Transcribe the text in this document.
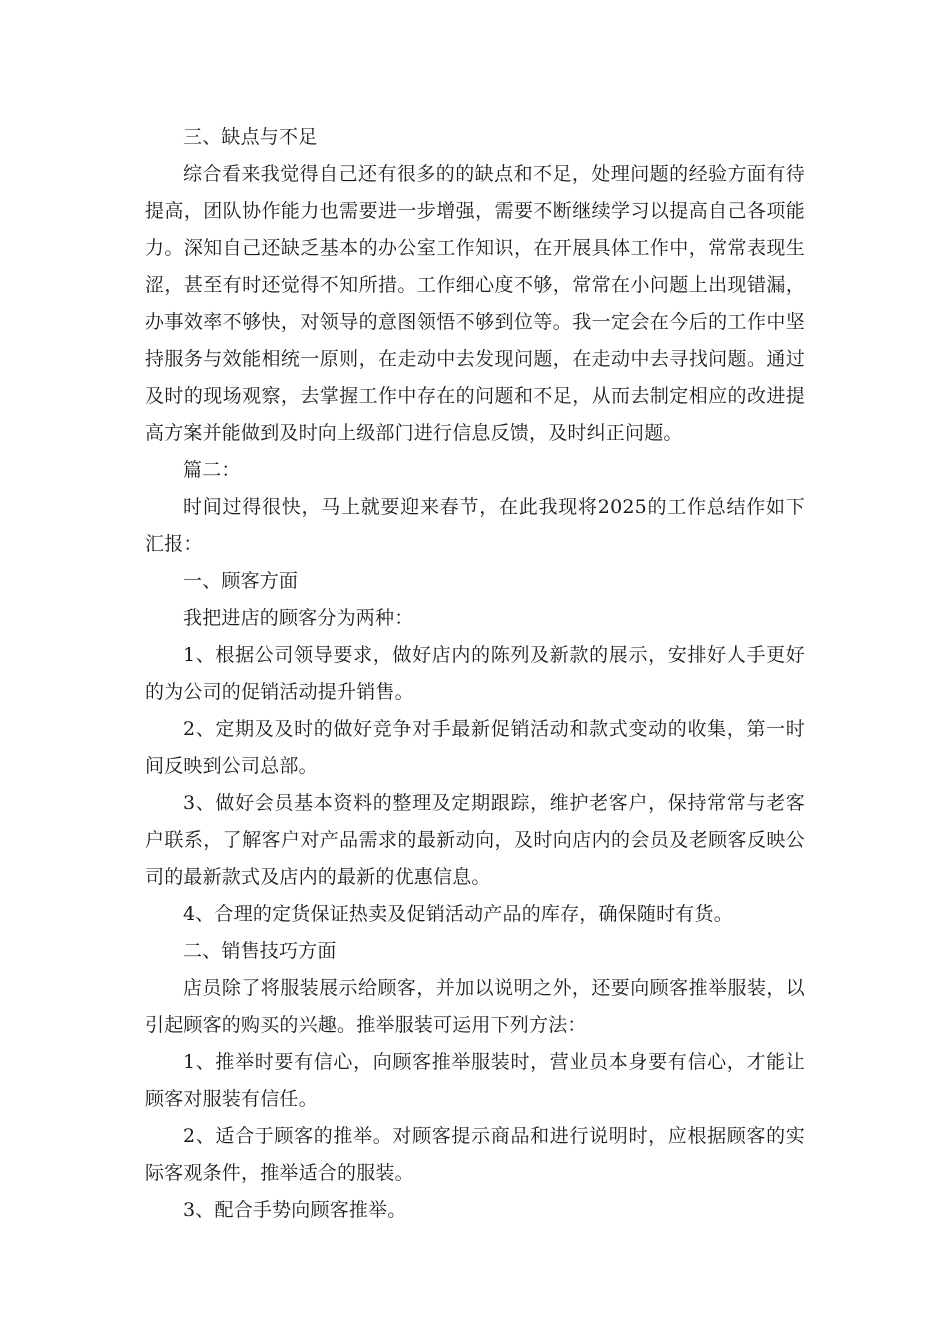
三、缺点与不足

综合看来我觉得自己还有很多的的缺点和不足，处理问题的经验方面有待提高，团队协作能力也需要进一步增强，需要不断继续学习以提高自己各项能力。深知自己还缺乏基本的办公室工作知识，在开展具体工作中，常常表现生涩，甚至有时还觉得不知所措。工作细心度不够，常常在小问题上出现错漏，办事效率不够快，对领导的意图领悟不够到位等。我一定会在今后的工作中坚持服务与效能相统一原则，在走动中去发现问题，在走动中去寻找问题。通过及时的现场观察，去掌握工作中存在的问题和不足，从而去制定相应的改进提高方案并能做到及时向上级部门进行信息反馈，及时纠正问题。

篇二：

时间过得很快，马上就要迎来春节，在此我现将2025的工作总结作如下汇报：

一、顾客方面

我把进店的顾客分为两种：

1、根据公司领导要求，做好店内的陈列及新款的展示，安排好人手更好的为公司的促销活动提升销售。

2、定期及及时的做好竞争对手最新促销活动和款式变动的收集，第一时间反映到公司总部。

3、做好会员基本资料的整理及定期跟踪，维护老客户，保持常常与老客户联系，了解客户对产品需求的最新动向，及时向店内的会员及老顾客反映公司的最新款式及店内的最新的优惠信息。

4、合理的定货保证热卖及促销活动产品的库存，确保随时有货。

二、销售技巧方面

店员除了将服装展示给顾客，并加以说明之外，还要向顾客推举服装，以引起顾客的购买的兴趣。推举服装可运用下列方法：

1、推举时要有信心，向顾客推举服装时，营业员本身要有信心，才能让顾客对服装有信任。

2、适合于顾客的推举。对顾客提示商品和进行说明时，应根据顾客的实际客观条件，推举适合的服装。

3、配合手势向顾客推举。
